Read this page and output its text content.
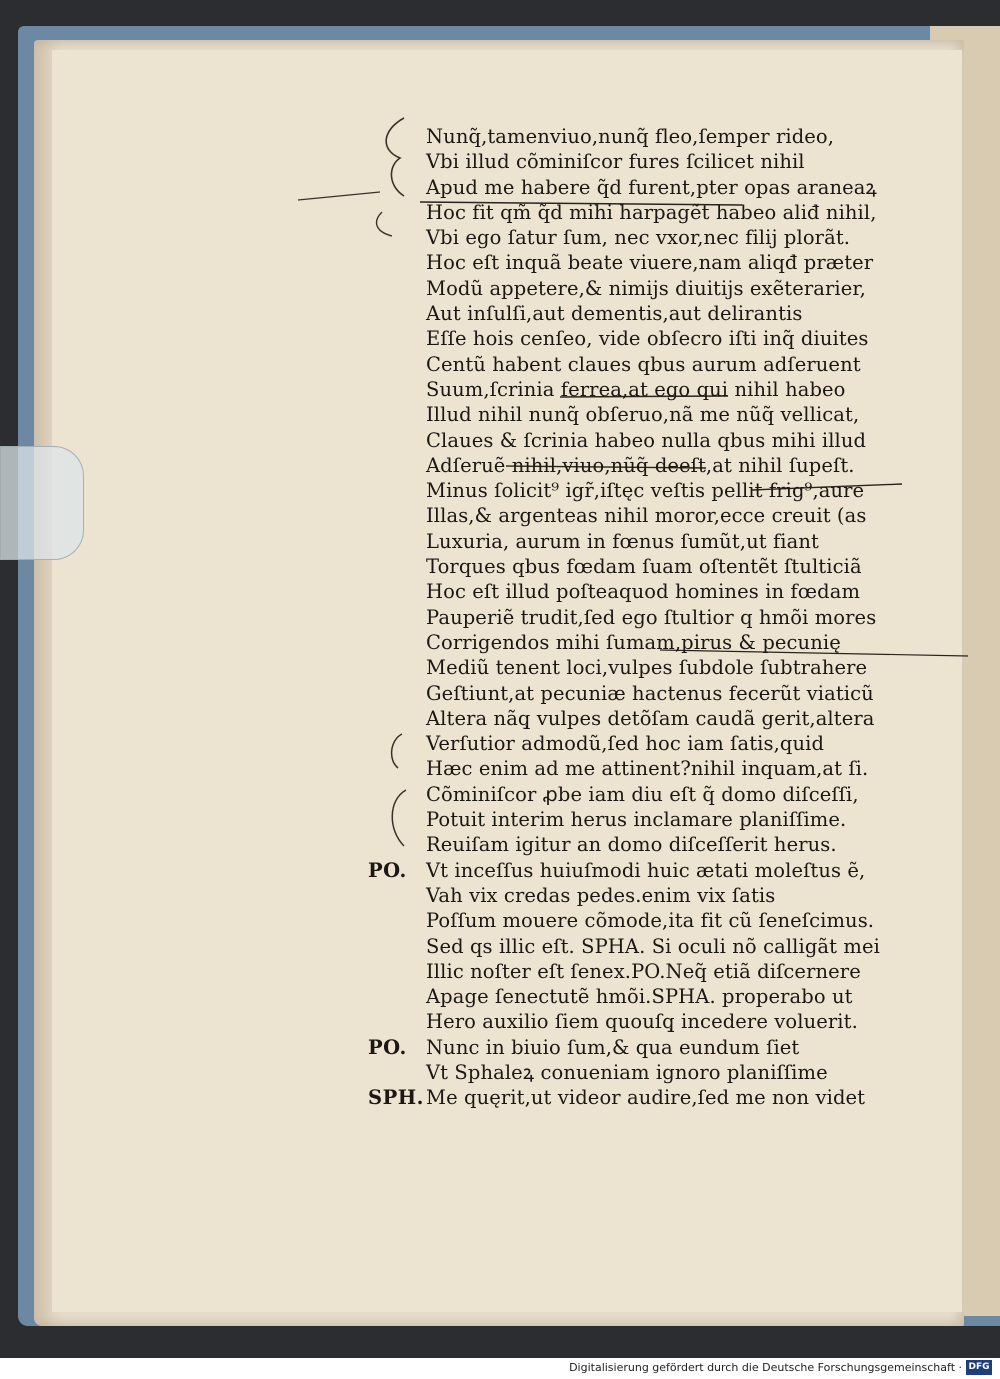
Nunq̃,tamenviuo,nunq̃ fleo,ſemper rideo,
Vbi illud cõminiſcor fures ſcilicet nihil
Apud me habere q̃d furent,pter opas araneaꝝ
Hoc fit qm̃ q̃d mihi harpagẽt habeo aliđ nihil,
Vbi ego ſatur ſum, nec vxor,nec filij plorãt.
Hoc eſt inquã beate viuere,nam aliqđ præter
Modũ appetere,& nimijs diuitijs exẽterarier,
Aut inſulſi,aut dementis,aut delirantis
Eſſe hois cenſeo, vide obſecro iſti inq̃ diuites
Centũ habent claues qbus aurum adſeruent
Suum,ſcrinia ferrea,at ego qui nihil habeo
Illud nihil nunq̃ obſeruo,nã me nũq̃ vellicat,
Claues & ſcrinia habeo nulla qbus mihi illud
Adſeruẽ nihil,viuo,nũq̃ deeſt,at nihil ſupeſt.
Minus ſolicit⁹ igr̃,iſtęc veſtis pellit frig⁹,aure
Illas,& argenteas nihil moror,ecce creuit (as
Luxuria, aurum in fœnus ſumũt,ut fiant
Torques qbus fœdam ſuam oſtentẽt ſtulticiã
Hoc eſt illud poſteaquod homines in fœdam
Pauperiẽ trudit,ſed ego ſtultior q hmõi mores
Corrigendos mihi ſumam,pirus & pecunię
Mediũ tenent loci,vulpes ſubdole ſubtrahere
Geſtiunt,at pecuniæ hactenus fecerũt viaticũ
Altera nãq̧ vulpes detõſam caudã gerit,altera
Verſutior admodũ,ſed hoc iam ſatis,quid
Hæc enim ad me attinent?nihil inquam,at ſi.
Cõminiſcor ꝓbe iam diu eſt q̃ domo diſceſſi,
Potuit interim herus inclamare planiſſime.
Reuiſam igitur an domo diſceſſerit herus.
PO. Vt inceſſus huiuſmodi huic ætati moleſtus ẽ,
Vah vix credas pedes.enim vix ſatis
Poſſum mouere cõmode,ita fit cũ ſeneſcimus.
Sed qs illic eſt. SPHA. Si oculi nõ calligãt mei
Illic noſter eſt ſenex.PO.Neq̃ etiã diſcernere
Apage ſenectutẽ hmõi.SPHA. properabo ut
Hero auxilio ſiem quouſq̧ incedere voluerit.
PO. Nunc in biuio ſum,& qua eundum ſiet
Vt Sphaleꝝ conueniam ignoro planiſſime
SPH. Me quęrit,ut videor audire,ſed me non videt
Digitalisierung gefördert durch die Deutsche Forschungsgemeinschaft · DFG
